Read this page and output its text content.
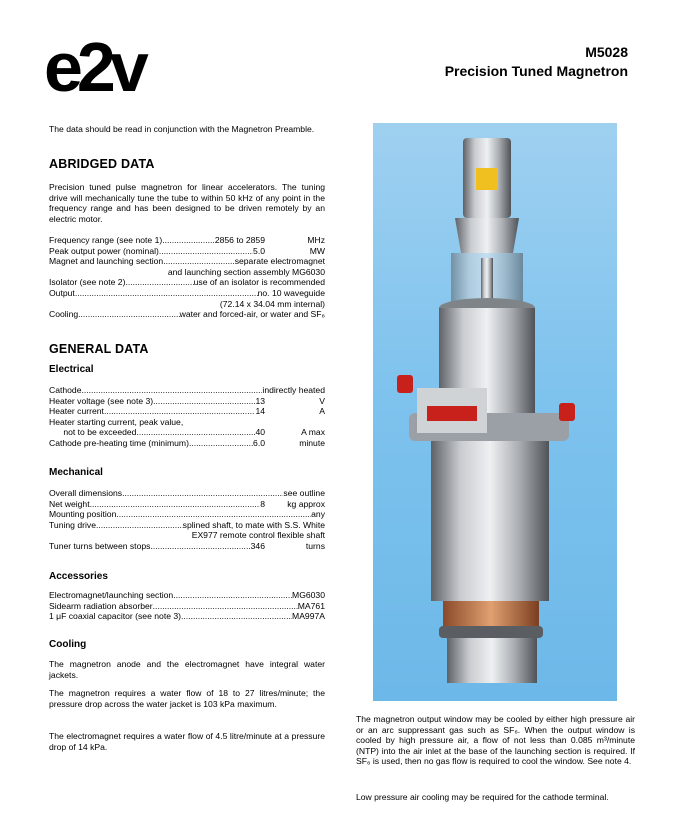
e2v	M5028
Precision Tuned Magnetron
The data should be read in conjunction with the Magnetron Preamble.
ABRIDGED DATA
Precision tuned pulse magnetron for linear accelerators. The tuning drive will mechanically tune the tube to within 50 kHz of any point in the frequency range and has been designed to be driven remotely by an electric motor.
Frequency range (see note 1) .....	2856 to 2859	MHz
Peak output power (nominal) .....	5.0	MW
Magnet and launching section .....	separate electromagnet
and launching section assembly MG6030
Isolator (see note 2) .....	use of an isolator is recommended
Output .....	no. 10 waveguide
(72.14 x 34.04 mm internal)
Cooling .....	water and forced-air, or water and SF₆
GENERAL DATA
Electrical
Cathode .....	indirectly heated
Heater voltage (see note 3) .....	13	V
Heater current .....	14	A
Heater starting current, peak value,
not to be exceeded .....	40	A max
Cathode pre-heating time (minimum) .....	6.0	minute
Mechanical
Overall dimensions .....	see outline
Net weight .....	8	kg approx
Mounting position .....	any
Tuning drive .....	splined shaft, to mate with S.S. White
EX977 remote control flexible shaft
Tuner turns between stops .....	346	turns
Accessories
Electromagnet/launching section .....	MG6030
Sidearm radiation absorber .....	MA761
1 μF coaxial capacitor (see note 3) .....	MA997A
Cooling
The magnetron anode and the electromagnet have integral water jackets.
The magnetron requires a water flow of 18 to 27 litres/minute; the pressure drop across the water jacket is 103 kPa maximum.
The electromagnet requires a water flow of 4.5 litre/minute at a pressure drop of 14 kPa.
The magnetron output window may be cooled by either high pressure air or an arc suppressant gas such as SF₆. When the output window is cooled by high pressure air, a flow of not less than 0.085 m³/minute (NTP) into the air inlet at the base of the launching section is required. If SF₆ is used, then no gas flow is required to cool the window. See note 4.
Low pressure air cooling may be required for the cathode terminal.
